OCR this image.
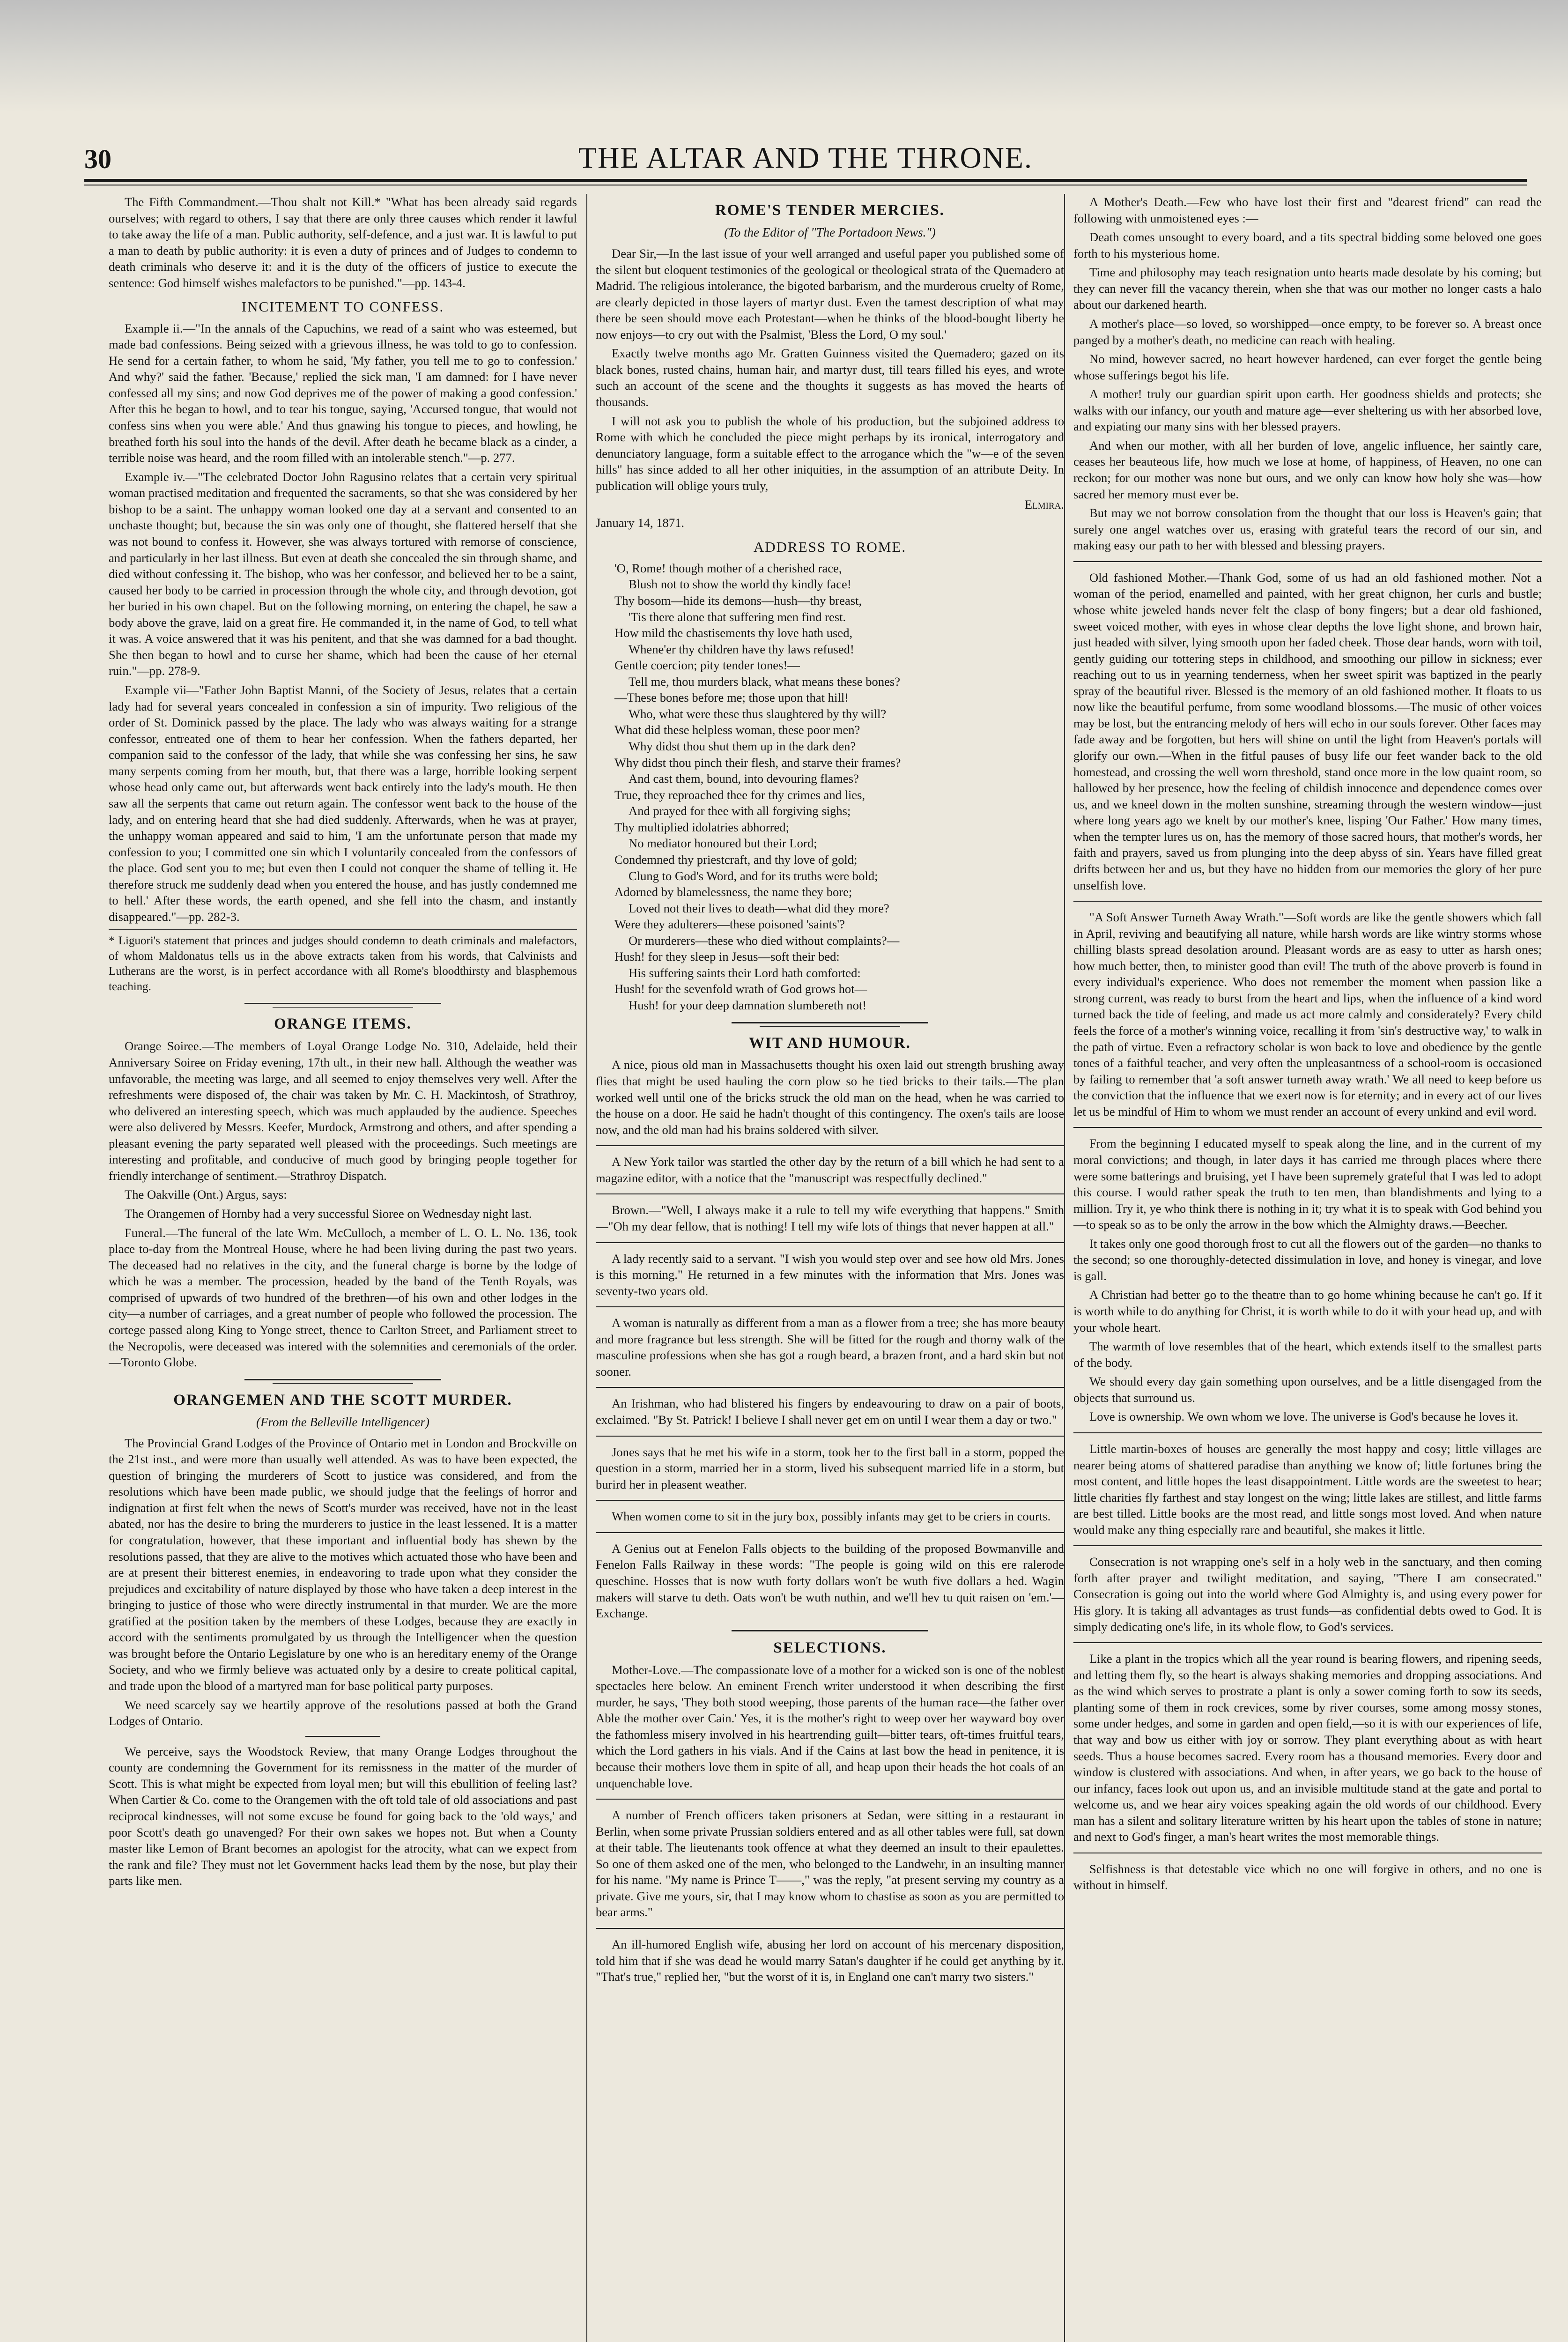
30	THE ALTAR AND THE THRONE.

The Fifth Commandment.—Thou shalt not Kill.* "What has been already said regards ourselves; with regard to others, I say that there are only three causes which render it lawful to take away the life of a man. Public authority, self-defence, and a just war. It is lawful to put a man to death by public authority: it is even a duty of princes and of Judges to condemn to death criminals who deserve it: and it is the duty of the officers of justice to execute the sentence: God himself wishes malefactors to be punished."—pp. 143-4.

INCITEMENT TO CONFESS.

Example ii.—"In the annals of the Capuchins, we read of a saint who was esteemed, but made bad confessions. Being seized with a grievous illness, he was told to go to confession. He send for a certain father, to whom he said, 'My father, you tell me to go to confession.' And why?' said the father. 'Because,' replied the sick man, 'I am damned: for I have never confessed all my sins; and now God deprives me of the power of making a good confession.' After this he began to howl, and to tear his tongue, saying, 'Accursed tongue, that would not confess sins when you were able.' And thus gnawing his tongue to pieces, and howling, he breathed forth his soul into the hands of the devil. After death he became black as a cinder, a terrible noise was heard, and the room filled with an intolerable stench."—p. 277.

Example iv.—"The celebrated Doctor John Ragusino relates that a certain very spiritual woman practised meditation and frequented the sacraments, so that she was considered by her bishop to be a saint. The unhappy woman looked one day at a servant and consented to an unchaste thought; but, because the sin was only one of thought, she flattered herself that she was not bound to confess it. However, she was always tortured with remorse of conscience, and particularly in her last illness. But even at death she concealed the sin through shame, and died without confessing it. The bishop, who was her confessor, and believed her to be a saint, caused her body to be carried in procession through the whole city, and through devotion, got her buried in his own chapel. But on the following morning, on entering the chapel, he saw a body above the grave, laid on a great fire. He commanded it, in the name of God, to tell what it was. A voice answered that it was his penitent, and that she was damned for a bad thought. She then began to howl and to curse her shame, which had been the cause of her eternal ruin."—pp. 278-9.

Example vii—"Father John Baptist Manni, of the Society of Jesus, relates that a certain lady had for several years concealed in confession a sin of impurity. Two religious of the order of St. Dominick passed by the place. The lady who was always waiting for a strange confessor, entreated one of them to hear her confession. When the fathers departed, her companion said to the confessor of the lady, that while she was confessing her sins, he saw many serpents coming from her mouth, but, that there was a large, horrible looking serpent whose head only came out, but afterwards went back entirely into the lady's mouth. He then saw all the serpents that came out return again. The confessor went back to the house of the lady, and on entering heard that she had died suddenly. Afterwards, when he was at prayer, the unhappy woman appeared and said to him, 'I am the unfortunate person that made my confession to you; I committed one sin which I voluntarily concealed from the confessors of the place. God sent you to me; but even then I could not conquer the shame of telling it. He therefore struck me suddenly dead when you entered the house, and has justly condemned me to hell.' After these words, the earth opened, and she fell into the chasm, and instantly disappeared."—pp. 282-3.

* Liguori's statement that princes and judges should condemn to death criminals and malefactors, of whom Maldonatus tells us in the above extracts taken from his words, that Calvinists and Lutherans are the worst, is in perfect accordance with all Rome's bloodthirsty and blasphemous teaching.
ORANGE ITEMS.

Orange Soiree.—The members of Loyal Orange Lodge No. 310, Adelaide, held their Anniversary Soiree on Friday evening, 17th ult., in their new hall. Although the weather was unfavorable, the meeting was large, and all seemed to enjoy themselves very well. After the refreshments were disposed of, the chair was taken by Mr. C. H. Mackintosh, of Strathroy, who delivered an interesting speech, which was much applauded by the audience. Speeches were also delivered by Messrs. Keefer, Murdock, Armstrong and others, and after spending a pleasant evening the party separated well pleased with the proceedings. Such meetings are interesting and profitable, and conducive of much good by bringing people together for friendly interchange of sentiment.—Strathroy Dispatch.

The Oakville (Ont.) Argus, says:

The Orangemen of Hornby had a very successful Sioree on Wednesday night last.

Funeral.—The funeral of the late Wm. McCulloch, a member of L. O. L. No. 136, took place to-day from the Montreal House, where he had been living during the past two years. The deceased had no relatives in the city, and the funeral charge is borne by the lodge of which he was a member. The procession, headed by the band of the Tenth Royals, was comprised of upwards of two hundred of the brethren—of his own and other lodges in the city—a number of carriages, and a great number of people who followed the procession. The cortege passed along King to Yonge street, thence to Carlton Street, and Parliament street to the Necropolis, were deceased was intered with the solemnities and ceremonials of the order.—Toronto Globe.

ORANGEMEN AND THE SCOTT MURDER.
(From the Belleville Intelligencer)

The Provincial Grand Lodges of the Province of Ontario met in London and Brockville on the 21st inst., and were more than usually well attended. As was to have been expected, the question of bringing the murderers of Scott to justice was considered, and from the resolutions which have been made public, we should judge that the feelings of horror and indignation at first felt when the news of Scott's murder was received, have not in the least abated, nor has the desire to bring the murderers to justice in the least lessened. It is a matter for congratulation, however, that these important and influential body has shewn by the resolutions passed, that they are alive to the motives which actuated those who have been and are at present their bitterest enemies, in endeavoring to trade upon what they consider the prejudices and excitability of nature displayed by those who have taken a deep interest in the bringing to justice of those who were directly instrumental in that murder. We are the more gratified at the position taken by the members of these Lodges, because they are exactly in accord with the sentiments promulgated by us through the Intelligencer when the question was brought before the Ontario Legislature by one who is an hereditary enemy of the Orange Society, and who we firmly believe was actuated only by a desire to create political capital, and trade upon the blood of a martyred man for base political party purposes.

We need scarcely say we heartily approve of the resolutions passed at both the Grand Lodges of Ontario.

We perceive, says the Woodstock Review, that many Orange Lodges throughout the county are condemning the Government for its remissness in the matter of the murder of Scott. This is what might be expected from loyal men; but will this ebullition of feeling last? When Cartier & Co. come to the Orangemen with the oft told tale of old associations and past reciprocal kindnesses, will not some excuse be found for going back to the 'old ways,' and poor Scott's death go unavenged? For their own sakes we hopes not. But when a County master like Lemon of Brant becomes an apologist for the atrocity, what can we expect from the rank and file? They must not let Government hacks lead them by the nose, but play their parts like men.

ROME'S TENDER MERCIES.
(To the Editor of "The Portadoon News.")

Dear Sir,—In the last issue of your well arranged and useful paper you published some of the silent but eloquent testimonies of the geological or theological strata of the Quemadero at Madrid. The religious intolerance, the bigoted barbarism, and the murderous cruelty of Rome, are clearly depicted in those layers of martyr dust. Even the tamest description of what may there be seen should move each Protestant—when he thinks of the blood-bought liberty he now enjoys—to cry out with the Psalmist, 'Bless the Lord, O my soul.'

Exactly twelve months ago Mr. Gratten Guinness visited the Quemadero; gazed on its black bones, rusted chains, human hair, and martyr dust, till tears filled his eyes, and wrote such an account of the scene and the thoughts it suggests as has moved the hearts of thousands.

I will not ask you to publish the whole of his production, but the subjoined address to Rome with which he concluded the piece might perhaps by its ironical, interrogatory and denunciatory language, form a suitable effect to the arrogance which the "w—e of the seven hills" has since added to all her other iniquities, in the assumption of an attribute Deity. In publication will oblige yours truly,

Elmira.

January 14, 1871.

ADDRESS TO ROME.
'O, Rome! though mother of a cherished race,
Blush not to show the world thy kindly face!
Thy bosom—hide its demons—hush—thy breast,
'Tis there alone that suffering men find rest.
How mild the chastisements thy love hath used,
Whene'er thy children have thy laws refused!
Gentle coercion; pity tender tones!—
Tell me, thou murders black, what means these bones?
—These bones before me; those upon that hill!
Who, what were these thus slaughtered by thy will?
What did these helpless woman, these poor men?
Why didst thou shut them up in the dark den?
Why didst thou pinch their flesh, and starve their frames?
And cast them, bound, into devouring flames?
True, they reproached thee for thy crimes and lies,
And prayed for thee with all forgiving sighs;
Thy multiplied idolatries abhorred;
No mediator honoured but their Lord;
Condemned thy priestcraft, and thy love of gold;
Clung to God's Word, and for its truths were bold;
Adorned by blamelessness, the name they bore;
Loved not their lives to death—what did they more?
Were they adulterers—these poisoned 'saints'?
Or murderers—these who died without complaints?—
Hush! for they sleep in Jesus—soft their bed:
His suffering saints their Lord hath comforted:
Hush! for the sevenfold wrath of God grows hot—
Hush! for your deep damnation slumbereth not!
WIT AND HUMOUR.

A nice, pious old man in Massachusetts thought his oxen laid out strength brushing away flies that might be used hauling the corn plow so he tied bricks to their tails.—The plan worked well until one of the bricks struck the old man on the head, when he was carried to the house on a door. He said he hadn't thought of this contingency. The oxen's tails are loose now, and the old man had his brains soldered with silver.

A New York tailor was startled the other day by the return of a bill which he had sent to a magazine editor, with a notice that the "manuscript was respectfully declined."

Brown.—"Well, I always make it a rule to tell my wife everything that happens." Smith—"Oh my dear fellow, that is nothing! I tell my wife lots of things that never happen at all."

A lady recently said to a servant. "I wish you would step over and see how old Mrs. Jones is this morning." He returned in a few minutes with the information that Mrs. Jones was seventy-two years old.

A woman is naturally as different from a man as a flower from a tree; she has more beauty and more fragrance but less strength. She will be fitted for the rough and thorny walk of the masculine professions when she has got a rough beard, a brazen front, and a hard skin but not sooner.

An Irishman, who had blistered his fingers by endeavouring to draw on a pair of boots, exclaimed. "By St. Patrick! I believe I shall never get em on until I wear them a day or two."

Jones says that he met his wife in a storm, took her to the first ball in a storm, popped the question in a storm, married her in a storm, lived his subsequent married life in a storm, but burird her in pleasent weather.

When women come to sit in the jury box, possibly infants may get to be criers in courts.

A Genius out at Fenelon Falls objects to the building of the proposed Bowmanville and Fenelon Falls Railway in these words: "The people is going wild on this ere ralerode queschine. Hosses that is now wuth forty dollars won't be wuth five dollars a hed. Wagin makers will starve tu deth. Oats won't be wuth nuthin, and we'll hev tu quit raisen on 'em.'—Exchange.

SELECTIONS.

Mother-Love.—The compassionate love of a mother for a wicked son is one of the noblest spectacles here below. An eminent French writer understood it when describing the first murder, he says, 'They both stood weeping, those parents of the human race—the father over Able the mother over Cain.' Yes, it is the mother's right to weep over her wayward boy over the fathomless misery involved in his heartrending guilt—bitter tears, oft-times fruitful tears, which the Lord gathers in his vials. And if the Cains at last bow the head in penitence, it is because their mothers love them in spite of all, and heap upon their heads the hot coals of an unquenchable love.

A number of French officers taken prisoners at Sedan, were sitting in a restaurant in Berlin, when some private Prussian soldiers entered and as all other tables were full, sat down at their table. The lieutenants took offence at what they deemed an insult to their epaulettes. So one of them asked one of the men, who belonged to the Landwehr, in an insulting manner for his name. "My name is Prince T——," was the reply, "at present serving my country as a private. Give me yours, sir, that I may know whom to chastise as soon as you are permitted to bear arms."

An ill-humored English wife, abusing her lord on account of his mercenary disposition, told him that if she was dead he would marry Satan's daughter if he could get anything by it. "That's true," replied her, "but the worst of it is, in England one can't marry two sisters."

A Mother's Death.—Few who have lost their first and "dearest friend" can read the following with unmoistened eyes :—

Death comes unsought to every board, and a tits spectral bidding some beloved one goes forth to his mysterious home.

Time and philosophy may teach resignation unto hearts made desolate by his coming; but they can never fill the vacancy therein, when she that was our mother no longer casts a halo about our darkened hearth.

A mother's place—so loved, so worshipped—once empty, to be forever so. A breast once panged by a mother's death, no medicine can reach with healing.

No mind, however sacred, no heart however hardened, can ever forget the gentle being whose sufferings begot his life.

A mother! truly our guardian spirit upon earth. Her goodness shields and protects; she walks with our infancy, our youth and mature age—ever sheltering us with her absorbed love, and expiating our many sins with her blessed prayers.

And when our mother, with all her burden of love, angelic influence, her saintly care, ceases her beauteous life, how much we lose at home, of happiness, of Heaven, no one can reckon; for our mother was none but ours, and we only can know how holy she was—how sacred her memory must ever be.

But may we not borrow consolation from the thought that our loss is Heaven's gain; that surely one angel watches over us, erasing with grateful tears the record of our sin, and making easy our path to her with blessed and blessing prayers.

Old fashioned Mother.—Thank God, some of us had an old fashioned mother. Not a woman of the period, enamelled and painted, with her great chignon, her curls and bustle; whose white jeweled hands never felt the clasp of bony fingers; but a dear old fashioned, sweet voiced mother, with eyes in whose clear depths the love light shone, and brown hair, just headed with silver, lying smooth upon her faded cheek. Those dear hands, worn with toil, gently guiding our tottering steps in childhood, and smoothing our pillow in sickness; ever reaching out to us in yearning tenderness, when her sweet spirit was baptized in the pearly spray of the beautiful river. Blessed is the memory of an old fashioned mother. It floats to us now like the beautiful perfume, from some woodland blossoms.—The music of other voices may be lost, but the entrancing melody of hers will echo in our souls forever. Other faces may fade away and be forgotten, but hers will shine on until the light from Heaven's portals will glorify our own.—When in the fitful pauses of busy life our feet wander back to the old homestead, and crossing the well worn threshold, stand once more in the low quaint room, so hallowed by her presence, how the feeling of childish innocence and dependence comes over us, and we kneel down in the molten sunshine, streaming through the western window—just where long years ago we knelt by our mother's knee, lisping 'Our Father.' How many times, when the tempter lures us on, has the memory of those sacred hours, that mother's words, her faith and prayers, saved us from plunging into the deep abyss of sin. Years have filled great drifts between her and us, but they have no hidden from our memories the glory of her pure unselfish love.

"A Soft Answer Turneth Away Wrath."—Soft words are like the gentle showers which fall in April, reviving and beautifying all nature, while harsh words are like wintry storms whose chilling blasts spread desolation around. Pleasant words are as easy to utter as harsh ones; how much better, then, to minister good than evil! The truth of the above proverb is found in every individual's experience. Who does not remember the moment when passion like a strong current, was ready to burst from the heart and lips, when the influence of a kind word turned back the tide of feeling, and made us act more calmly and considerately? Every child feels the force of a mother's winning voice, recalling it from 'sin's destructive way,' to walk in the path of virtue. Even a refractory scholar is won back to love and obedience by the gentle tones of a faithful teacher, and very often the unpleasantness of a school-room is occasioned by failing to remember that 'a soft answer turneth away wrath.' We all need to keep before us the conviction that the influence that we exert now is for eternity; and in every act of our lives let us be mindful of Him to whom we must render an account of every unkind and evil word.

From the beginning I educated myself to speak along the line, and in the current of my moral convictions; and though, in later days it has carried me through places where there were some batterings and bruising, yet I have been supremely grateful that I was led to adopt this course. I would rather speak the truth to ten men, than blandishments and lying to a million. Try it, ye who think there is nothing in it; try what it is to speak with God behind you—to speak so as to be only the arrow in the bow which the Almighty draws.—Beecher.

It takes only one good thorough frost to cut all the flowers out of the garden—no thanks to the second; so one thoroughly-detected dissimulation in love, and honey is vinegar, and love is gall.

A Christian had better go to the theatre than to go home whining because he can't go. If it is worth while to do anything for Christ, it is worth while to do it with your head up, and with your whole heart.

The warmth of love resembles that of the heart, which extends itself to the smallest parts of the body.

We should every day gain something upon ourselves, and be a little disengaged from the objects that surround us.

Love is ownership. We own whom we love. The universe is God's because he loves it.

Little martin-boxes of houses are generally the most happy and cosy; little villages are nearer being atoms of shattered paradise than anything we know of; little fortunes bring the most content, and little hopes the least disappointment. Little words are the sweetest to hear; little charities fly farthest and stay longest on the wing; little lakes are stillest, and little farms are best tilled. Little books are the most read, and little songs most loved. And when nature would make any thing especially rare and beautiful, she makes it little.

Consecration is not wrapping one's self in a holy web in the sanctuary, and then coming forth after prayer and twilight meditation, and saying, "There I am consecrated." Consecration is going out into the world where God Almighty is, and using every power for His glory. It is taking all advantages as trust funds—as confidential debts owed to God. It is simply dedicating one's life, in its whole flow, to God's services.

Like a plant in the tropics which all the year round is bearing flowers, and ripening seeds, and letting them fly, so the heart is always shaking memories and dropping associations. And as the wind which serves to prostrate a plant is only a sower coming forth to sow its seeds, planting some of them in rock crevices, some by river courses, some among mossy stones, some under hedges, and some in garden and open field,—so it is with our experiences of life, that way and bow us either with joy or sorrow. They plant everything about as with heart seeds. Thus a house becomes sacred. Every room has a thousand memories. Every door and window is clustered with associations. And when, in after years, we go back to the house of our infancy, faces look out upon us, and an invisible multitude stand at the gate and portal to welcome us, and we hear airy voices speaking again the old words of our childhood. Every man has a silent and solitary literature written by his heart upon the tables of stone in nature; and next to God's finger, a man's heart writes the most memorable things.

Selfishness is that detestable vice which no one will forgive in others, and no one is without in himself.
